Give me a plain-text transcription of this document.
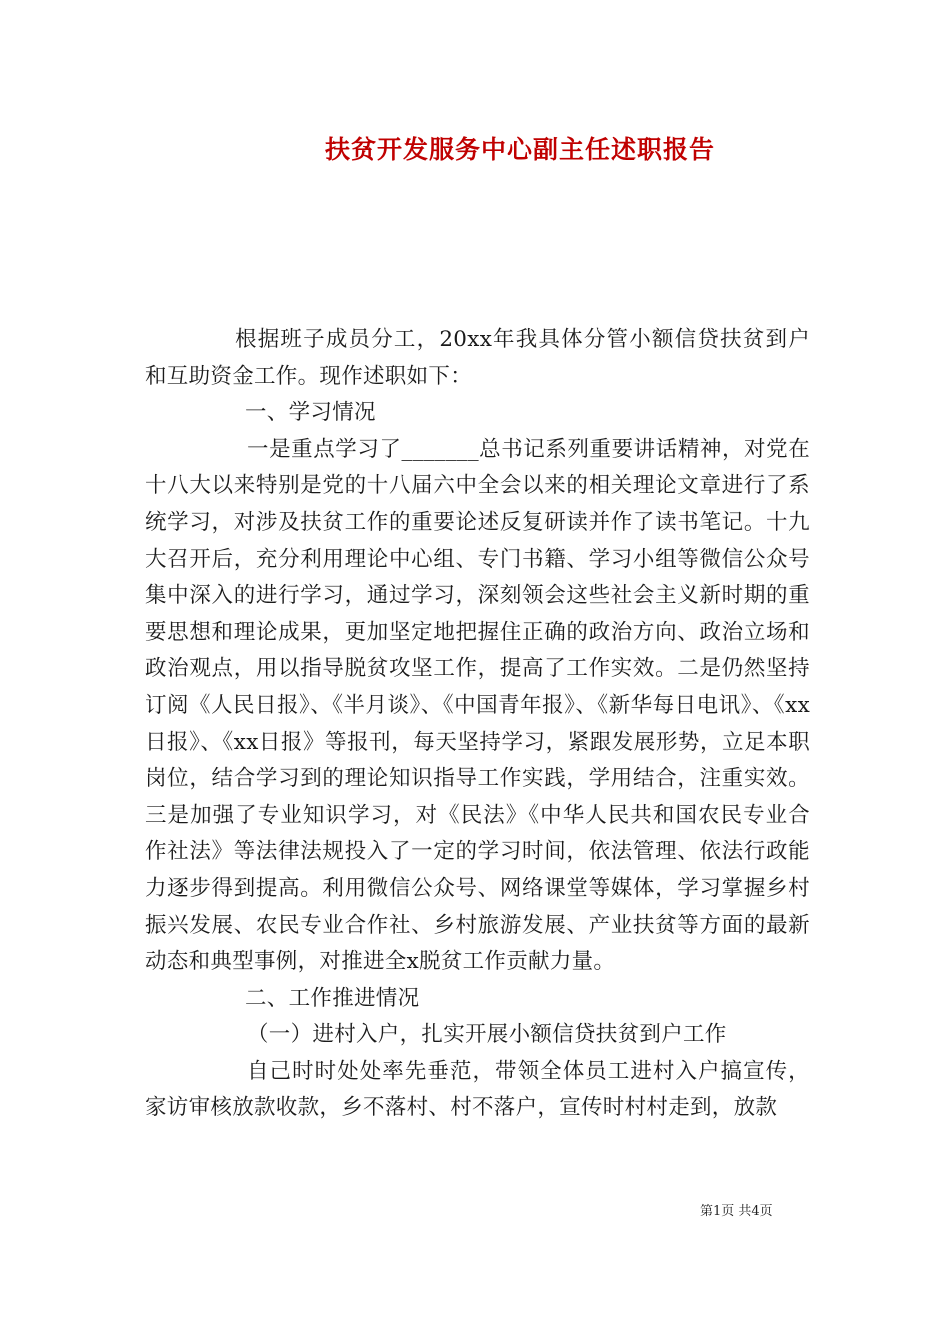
扶贫开发服务中心副主任述职报告

根据班子成员分工，20xx年我具体分管小额信贷扶贫到户和互助资金工作。现作述职如下：

一、学习情况

一是重点学习了_______总书记系列重要讲话精神，对党在十八大以来特别是党的十八届六中全会以来的相关理论文章进行了系统学习，对涉及扶贫工作的重要论述反复研读并作了读书笔记。十九大召开后，充分利用理论中心组、专门书籍、学习小组等微信公众号集中深入的进行学习，通过学习，深刻领会这些社会主义新时期的重要思想和理论成果，更加坚定地把握住正确的政治方向、政治立场和政治观点，用以指导脱贫攻坚工作，提高了工作实效。二是仍然坚持订阅《人民日报》、《半月谈》、《中国青年报》、《新华每日电讯》、《xx日报》、《xx日报》等报刊，每天坚持学习，紧跟发展形势，立足本职岗位，结合学习到的理论知识指导工作实践，学用结合，注重实效。三是加强了专业知识学习，对《民法》《中华人民共和国农民专业合作社法》等法律法规投入了一定的学习时间，依法管理、依法行政能力逐步得到提高。利用微信公众号、网络课堂等媒体，学习掌握乡村振兴发展、农民专业合作社、乡村旅游发展、产业扶贫等方面的最新动态和典型事例，对推进全x脱贫工作贡献力量。

二、工作推进情况

（一）进村入户，扎实开展小额信贷扶贫到户工作

自己时时处处率先垂范，带领全体员工进村入户搞宣传，家访审核放款收款，乡不落村、村不落户，宣传时村村走到，放款

第1页 共4页
